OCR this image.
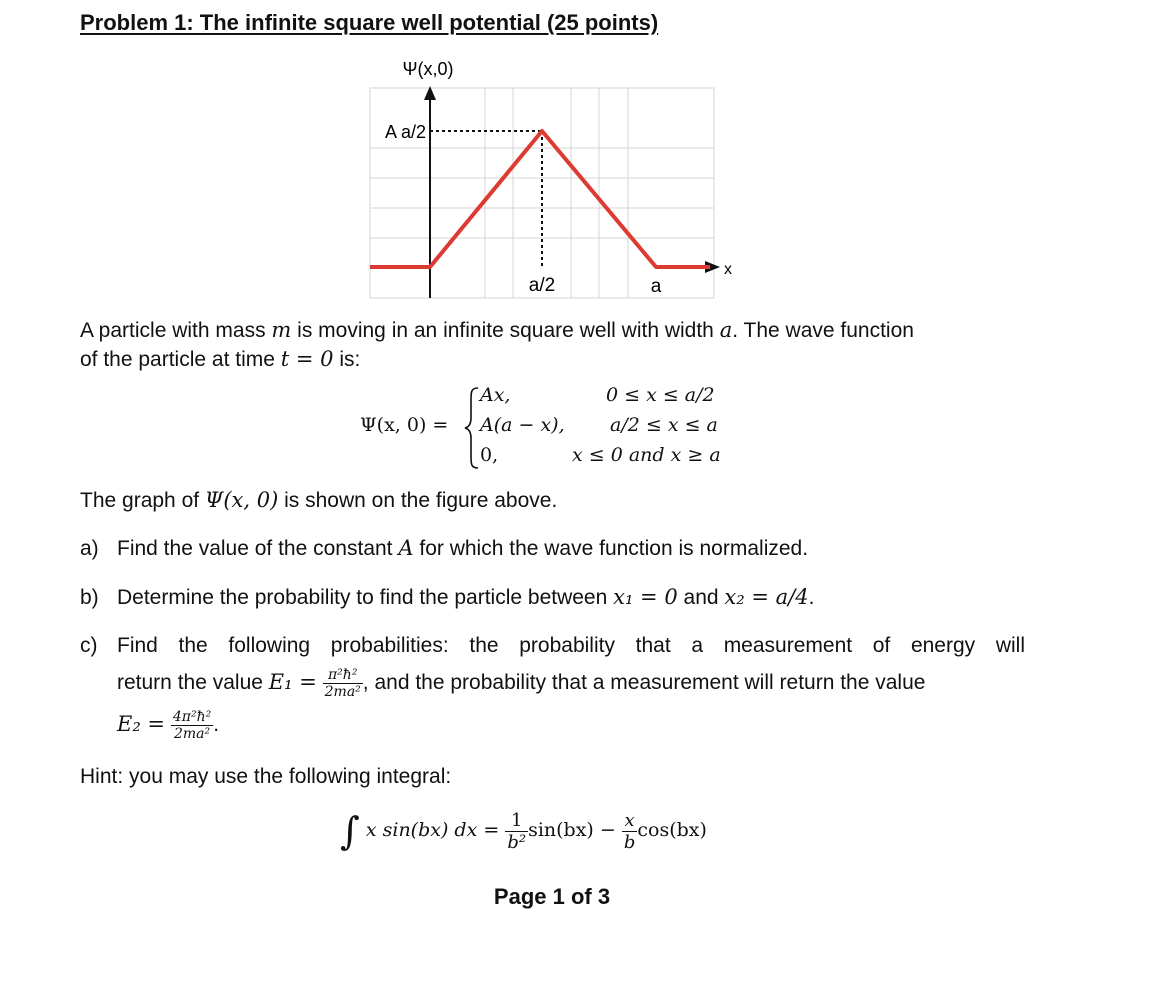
Problem 1: The infinite square well potential (25 points)
Ψ(x,0)
A a/2
x
a/2	a
A particle with mass m is moving in an infinite square well with width a. The wave function
of the particle at time t = 0 is:
Ψ(x, 0) =
Ax,	0 ≤ x ≤ a/2
A(a − x), a/2 ≤ x ≤ a
0,	x ≤ 0 and x ≥ a
The graph of Ψ(x, 0) is shown on the figure above.
a) Find the value of the constant A for which the wave function is normalized.
b) Determine the probability to find the particle between x₁ = 0 and x₂ = a/4.
c) Find the following probabilities: the probability that a measurement of energy will
return the value $E_1 = \frac{\text{π²ħ²}}{\text{2ma²}}$ , and the probability that a measurement will return the value
$E_2 = \frac{\text{4π²ħ²}}{\text{2ma²}}$ .
Hint: you may use the following integral:
∫ x sin(bx) dx = $\frac{1}{\text{b²}} \sin(bx) - \frac{x}{b} \cos(bx)$
Page 1 of 3
